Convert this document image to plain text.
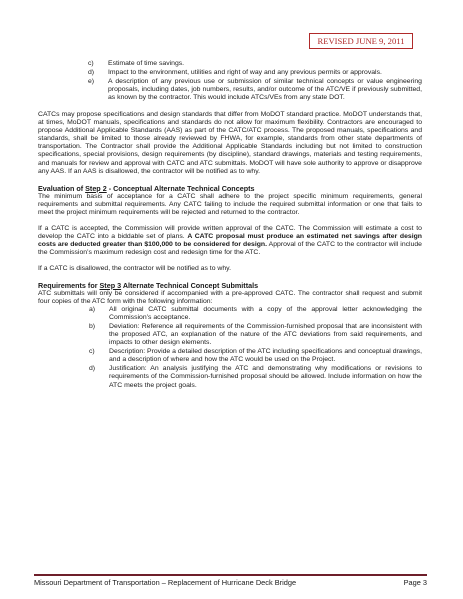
REVISED JUNE 9, 2011
c) Estimate of time savings.
d) Impact to the environment, utilities and right of way and any previous permits or approvals.
e) A description of any previous use or submission of similar technical concepts or value engineering proposals, including dates, job numbers, results, and/or outcome of the ATC/VE if previously submitted, as known by the contractor. This would include ATCs/VEs from any state DOT.

CATCs may propose specifications and design standards that differ from MoDOT standard practice. MoDOT understands that, at times, MoDOT manuals, specifications and standards do not allow for maximum flexibility. Contractors are encouraged to propose Additional Applicable Standards (AAS) as part of the CATC/ATC process. The proposed manuals, specifications and standards, shall be limited to those already reviewed by FHWA, for example, standards from other state departments of transportation. The Contractor shall provide the Additional Applicable Standards including but not limited to construction specifications, special provisions, design requirements (by discipline), standard drawings, materials and testing requirements, and manuals for review and approval with CATC and ATC submittals. MoDOT will have sole authority to approve or disapprove any AAS. If an AAS is disallowed, the contractor will be notified as to why.

Evaluation of Step 2 - Conceptual Alternate Technical Concepts

The minimum basis of acceptance for a CATC shall adhere to the project specific minimum requirements, general requirements and submittal requirements. Any CATC failing to include the required submittal information or one that fails to meet the project minimum requirements will be rejected and returned to the contractor.

If a CATC is accepted, the Commission will provide written approval of the CATC. The Commission will estimate a cost to develop the CATC into a biddable set of plans. A CATC proposal must produce an estimated net savings after design costs are deducted greater than $100,000 to be considered for design. Approval of the CATC to the contractor will include the Commission’s maximum redesign cost and redesign time for the ATC.

If a CATC is disallowed, the contractor will be notified as to why.

Requirements for Step 3 Alternate Technical Concept Submittals

ATC submittals will only be considered if accompanied with a pre-approved CATC. The contractor shall request and submit four copies of the ATC form with the following information:

a) All original CATC submittal documents with a copy of the approval letter acknowledging the Commission’s acceptance.
b) Deviation: Reference all requirements of the Commission-furnished proposal that are inconsistent with the proposed ATC, an explanation of the nature of the ATC deviations from said requirements, and impacts to other design elements.
c) Description: Provide a detailed description of the ATC including specifications and conceptual drawings, and a description of where and how the ATC would be used on the Project.
d) Justification: An analysis justifying the ATC and demonstrating why modifications or revisions to requirements of the Commission-furnished proposal should be allowed. Include information on how the ATC meets the project goals.
Missouri Department of Transportation – Replacement of Hurricane Deck Bridge	Page 3
